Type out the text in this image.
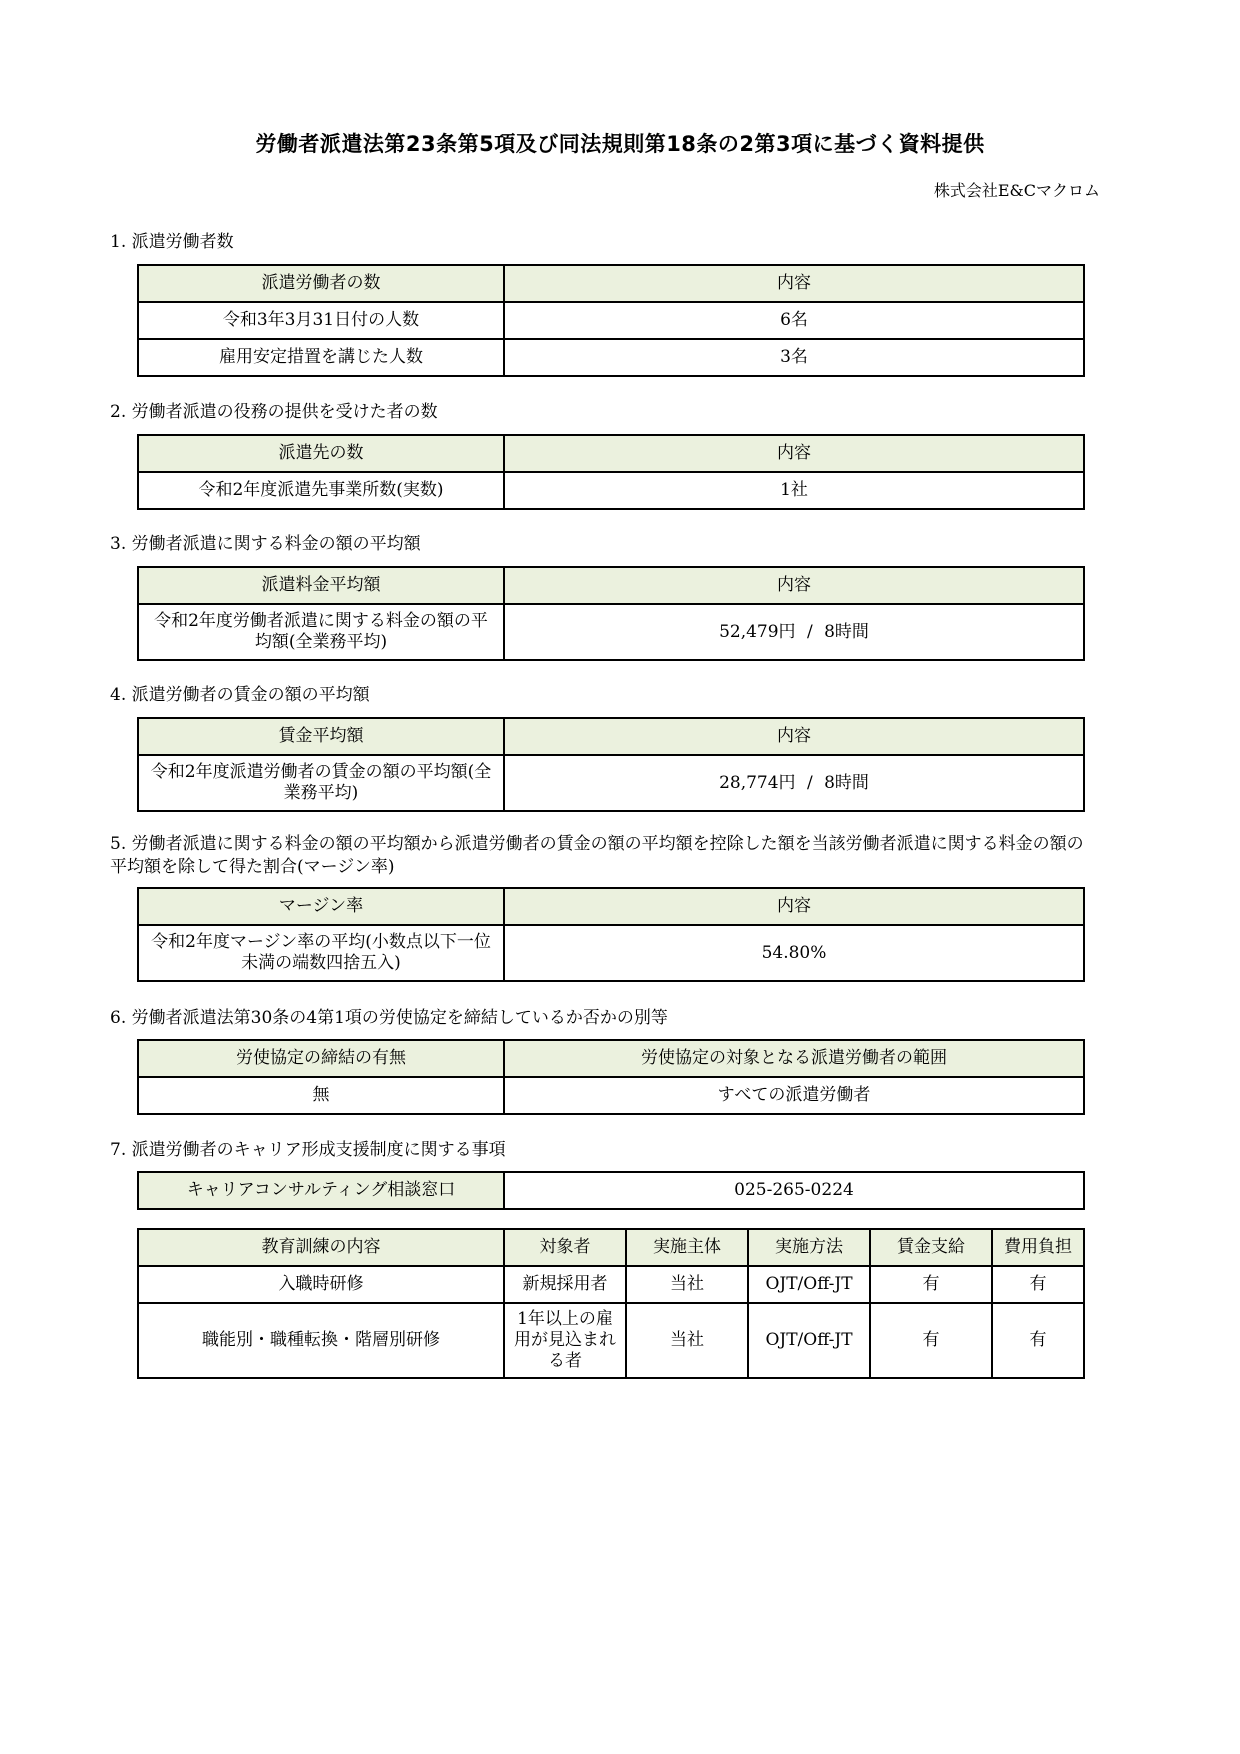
労働者派遣法第23条第5項及び同法規則第18条の2第3項に基づく資料提供
株式会社E&Cマクロム
1. 派遣労働者数
派遣労働者の数	内容
令和3年3月31日付の人数	6名
雇用安定措置を講じた人数	3名
2. 労働者派遣の役務の提供を受けた者の数
派遣先の数	内容
令和2年度派遣先事業所数(実数)	1社
3. 労働者派遣に関する料金の額の平均額
派遣料金平均額	内容
令和2年度労働者派遣に関する料金の額の平均額(全業務平均)	52,479円 / 8時間
4. 派遣労働者の賃金の額の平均額
賃金平均額	内容
令和2年度派遣労働者の賃金の額の平均額(全業務平均)	28,774円 / 8時間
5. 労働者派遣に関する料金の額の平均額から派遣労働者の賃金の額の平均額を控除した額を当該労働者派遣に関する料金の額の平均額を除して得た割合(マージン率)
マージン率	内容
令和2年度マージン率の平均(小数点以下一位未満の端数四捨五入)	54.80%
6. 労働者派遣法第30条の4第1項の労使協定を締結しているか否かの別等
労使協定の締結の有無	労使協定の対象となる派遣労働者の範囲
無	すべての派遣労働者
7. 派遣労働者のキャリア形成支援制度に関する事項
キャリアコンサルティング相談窓口	025-265-0224
教育訓練の内容	対象者	実施主体	実施方法	賃金支給	費用負担
入職時研修	新規採用者	当社	OJT/Off-JT	有	有
職能別・職種転換・階層別研修	1年以上の雇用が見込まれる者	当社	OJT/Off-JT	有	有
